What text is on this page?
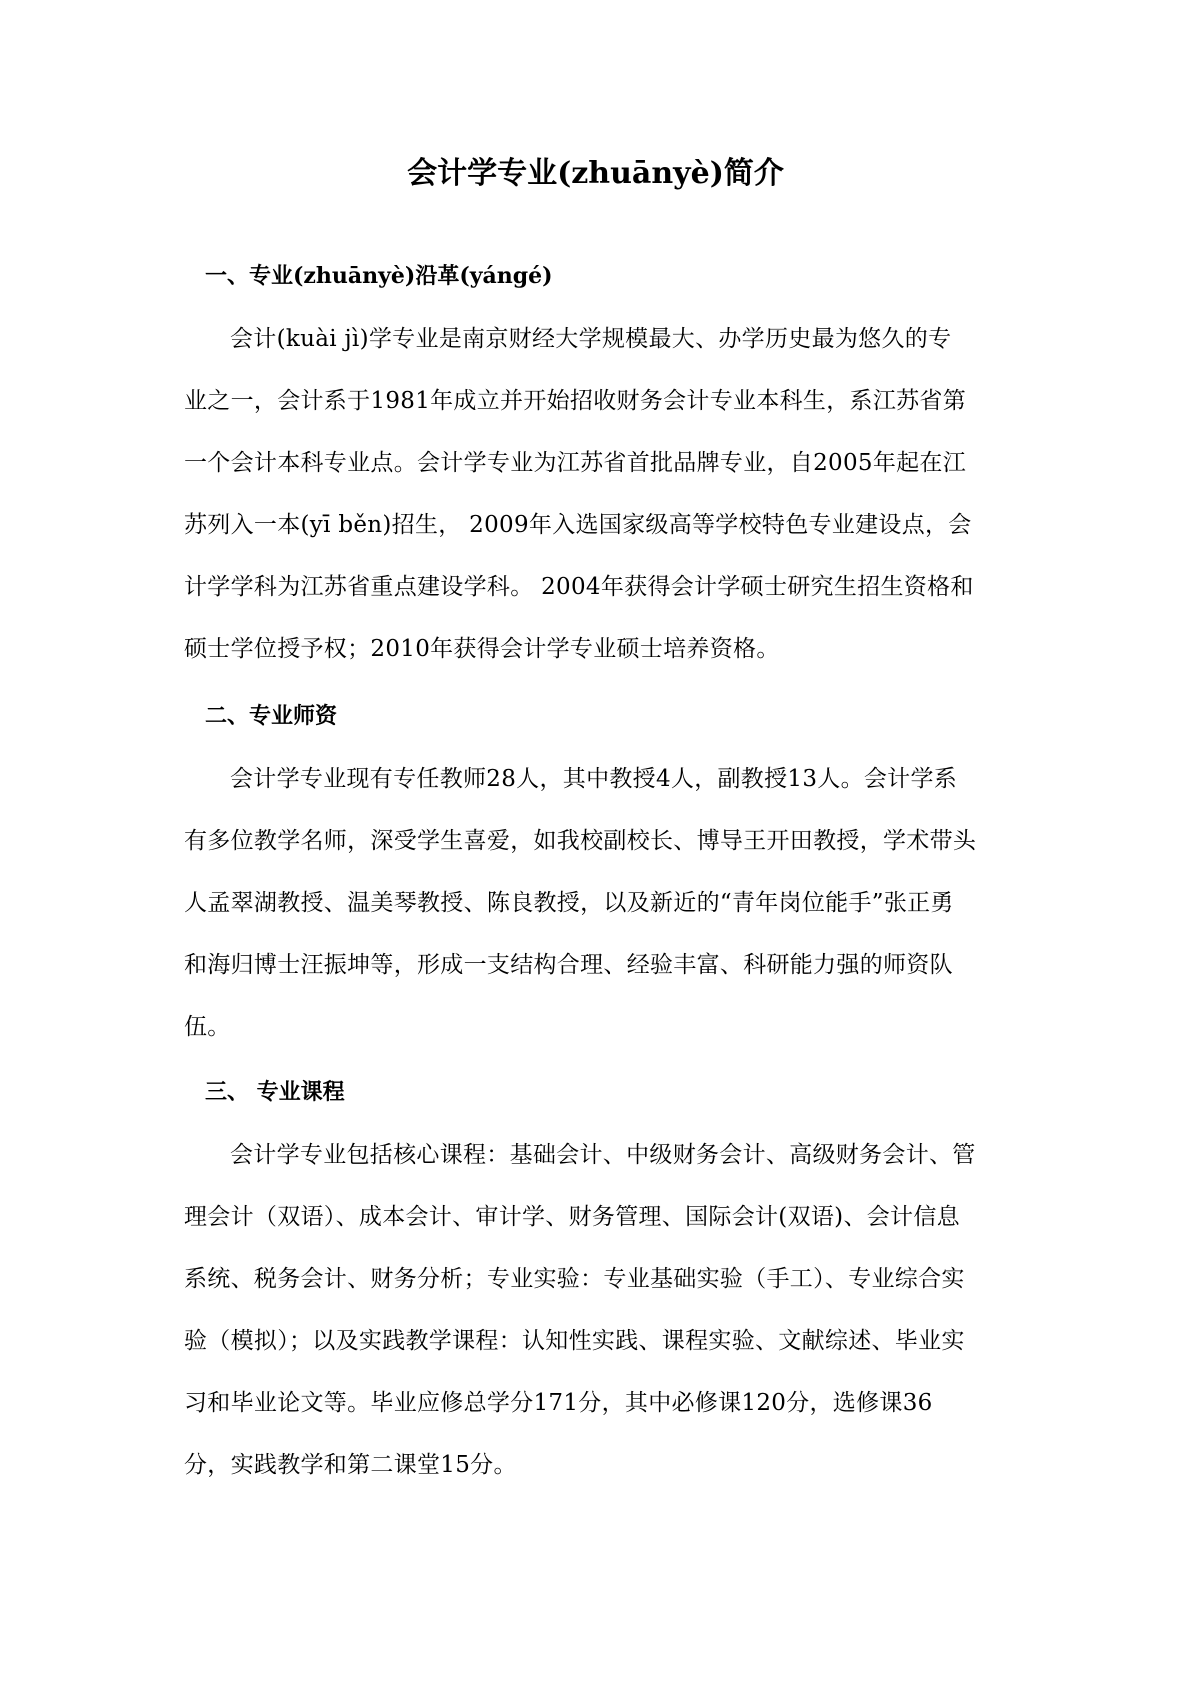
会计学专业(zhuānyè)简介
一、专业(zhuānyè)沿革(yángé)
会计(kuài jì)学专业是南京财经大学规模最大、办学历史最为悠久的专
业之一，会计系于1981年成立并开始招收财务会计专业本科生，系江苏省第
一个会计本科专业点。会计学专业为江苏省首批品牌专业，自2005年起在江
苏列入一本(yī běn)招生， 2009年入选国家级高等学校特色专业建设点，会
计学学科为江苏省重点建设学科。 2004年获得会计学硕士研究生招生资格和
硕士学位授予权；2010年获得会计学专业硕士培养资格。
二、专业师资
会计学专业现有专任教师28人，其中教授4人，副教授13人。会计学系
有多位教学名师，深受学生喜爱，如我校副校长、博导王开田教授，学术带头
人孟翠湖教授、温美琴教授、陈良教授，以及新近的“青年岗位能手”张正勇
和海归博士汪振坤等，形成一支结构合理、经验丰富、科研能力强的师资队
伍。
三、 专业课程
会计学专业包括核心课程：基础会计、中级财务会计、高级财务会计、管
理会计（双语）、成本会计、审计学、财务管理、国际会计(双语)、会计信息
系统、税务会计、财务分析；专业实验：专业基础实验（手工）、专业综合实
验（模拟）；以及实践教学课程：认知性实践、课程实验、文献综述、毕业实
习和毕业论文等。毕业应修总学分171分，其中必修课120分，选修课36
分，实践教学和第二课堂15分。
